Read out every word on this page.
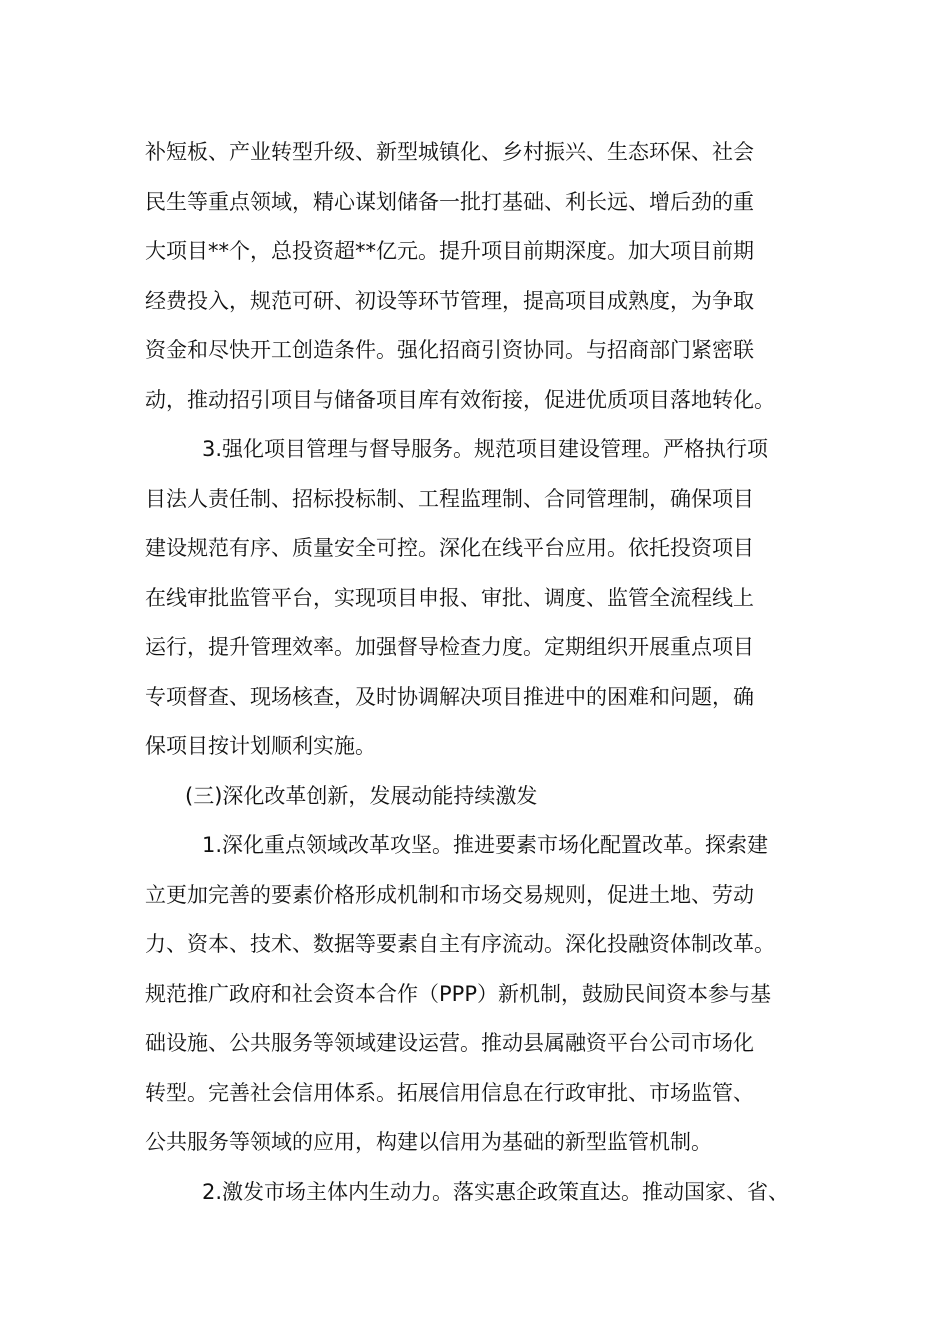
补短板、产业转型升级、新型城镇化、乡村振兴、生态环保、社会
民生等重点领域，精心谋划储备一批打基础、利长远、增后劲的重
大项目**个，总投资超**亿元。提升项目前期深度。加大项目前期
经费投入，规范可研、初设等环节管理，提高项目成熟度，为争取
资金和尽快开工创造条件。强化招商引资协同。与招商部门紧密联
动，推动招引项目与储备项目库有效衔接，促进优质项目落地转化。
3.强化项目管理与督导服务。规范项目建设管理。严格执行项
目法人责任制、招标投标制、工程监理制、合同管理制，确保项目
建设规范有序、质量安全可控。深化在线平台应用。依托投资项目
在线审批监管平台，实现项目申报、审批、调度、监管全流程线上
运行，提升管理效率。加强督导检查力度。定期组织开展重点项目
专项督查、现场核查，及时协调解决项目推进中的困难和问题，确
保项目按计划顺利实施。
(三)深化改革创新，发展动能持续激发
1.深化重点领域改革攻坚。推进要素市场化配置改革。探索建
立更加完善的要素价格形成机制和市场交易规则，促进土地、劳动
力、资本、技术、数据等要素自主有序流动。深化投融资体制改革。
规范推广政府和社会资本合作（PPP）新机制，鼓励民间资本参与基
础设施、公共服务等领域建设运营。推动县属融资平台公司市场化
转型。完善社会信用体系。拓展信用信息在行政审批、市场监管、
公共服务等领域的应用，构建以信用为基础的新型监管机制。
2.激发市场主体内生动力。落实惠企政策直达。推动国家、省、
